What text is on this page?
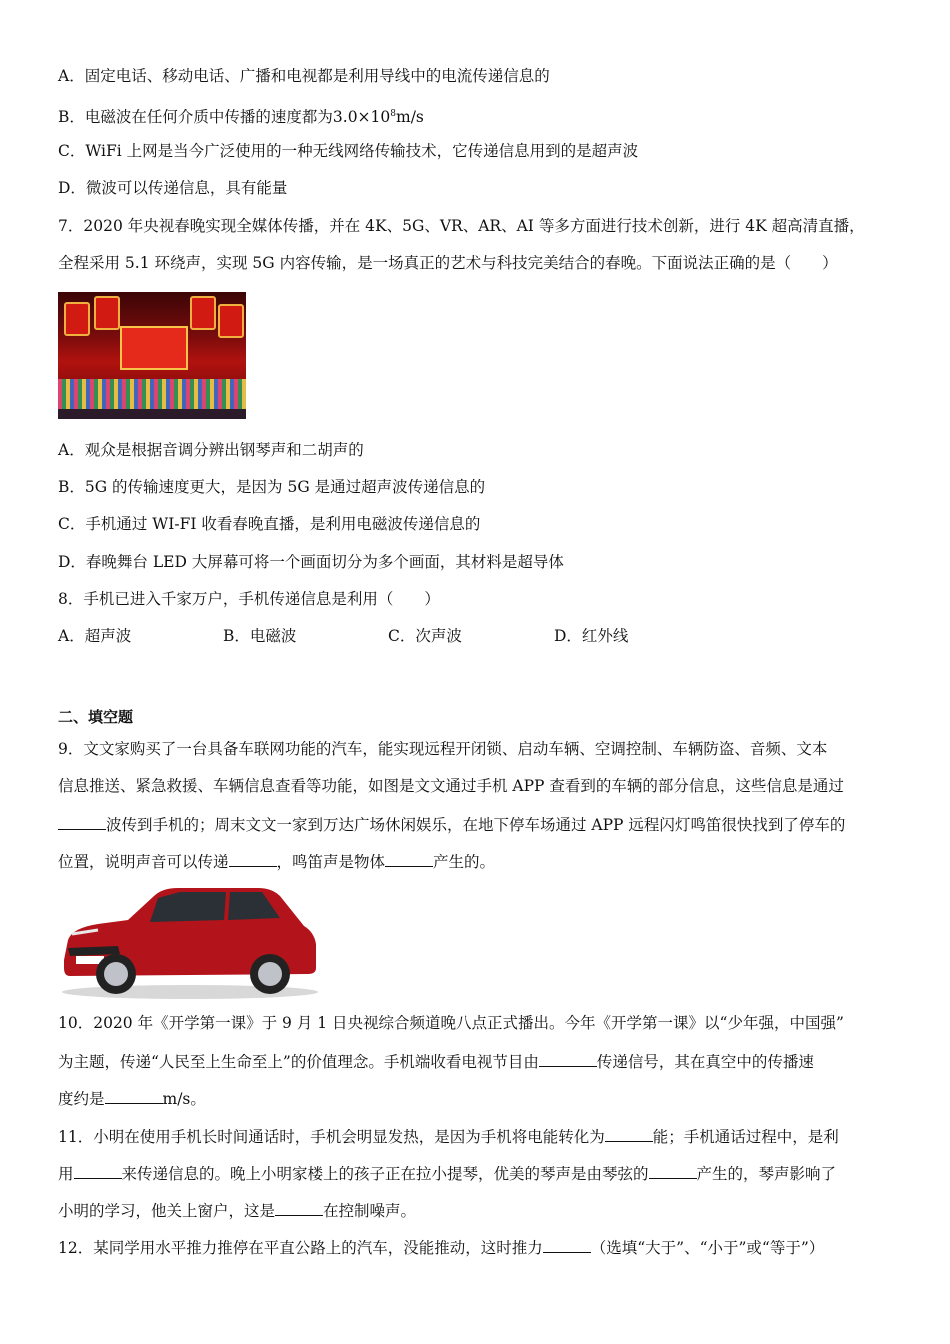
A．固定电话、移动电话、广播和电视都是利用导线中的电流传递信息的
B．电磁波在任何介质中传播的速度都为$3.0\times 10^8m/s$
C．WiFi 上网是当今广泛使用的一种无线网络传输技术，它传递信息用到的是超声波
D．微波可以传递信息，具有能量
7．2020 年央视春晚实现全媒体传播，并在 4K、5G、VR、AR、AI 等多方面进行技术创新，进行 4K 超高清直播，
全程采用 5.1 环绕声，实现 5G 内容传输，是一场真正的艺术与科技完美结合的春晚。下面说法正确的是（　　）
A．观众是根据音调分辨出钢琴声和二胡声的
B．5G 的传输速度更大，是因为 5G 是通过超声波传递信息的
C．手机通过 WI-FI 收看春晚直播，是利用电磁波传递信息的
D．春晚舞台 LED 大屏幕可将一个画面切分为多个画面，其材料是超导体
8．手机已进入千家万户，手机传递信息是利用（　　）
A．超声波	B．电磁波	C．次声波	D．红外线
二、填空题
9．文文家购买了一台具备车联网功能的汽车，能实现远程开闭锁、启动车辆、空调控制、车辆防盗、音频、文本
信息推送、紧急救援、车辆信息查看等功能，如图是文文通过手机 APP 查看到的车辆的部分信息，这些信息是通过
波传到手机的；周末文文一家到万达广场休闲娱乐，在地下停车场通过 APP 远程闪灯鸣笛很快找到了停车的
位置，说明声音可以传递	，鸣笛声是物体	产生的。
10．2020 年《开学第一课》于 9 月 1 日央视综合频道晚八点正式播出。今年《开学第一课》以“少年强，中国强”
为主题，传递“人民至上生命至上”的价值理念。手机端收看电视节目由	传递信号，其在真空中的传播速
度约是	m/s。
11．小明在使用手机长时间通话时，手机会明显发热，是因为手机将电能转化为	能；手机通话过程中，是利
用	来传递信息的。晚上小明家楼上的孩子正在拉小提琴，优美的琴声是由琴弦的	产生的，琴声影响了
小明的学习，他关上窗户，这是	在控制噪声。
12．某同学用水平推力推停在平直公路上的汽车，没能推动，这时推力	（选填“大于”、“小于”或“等于”）
